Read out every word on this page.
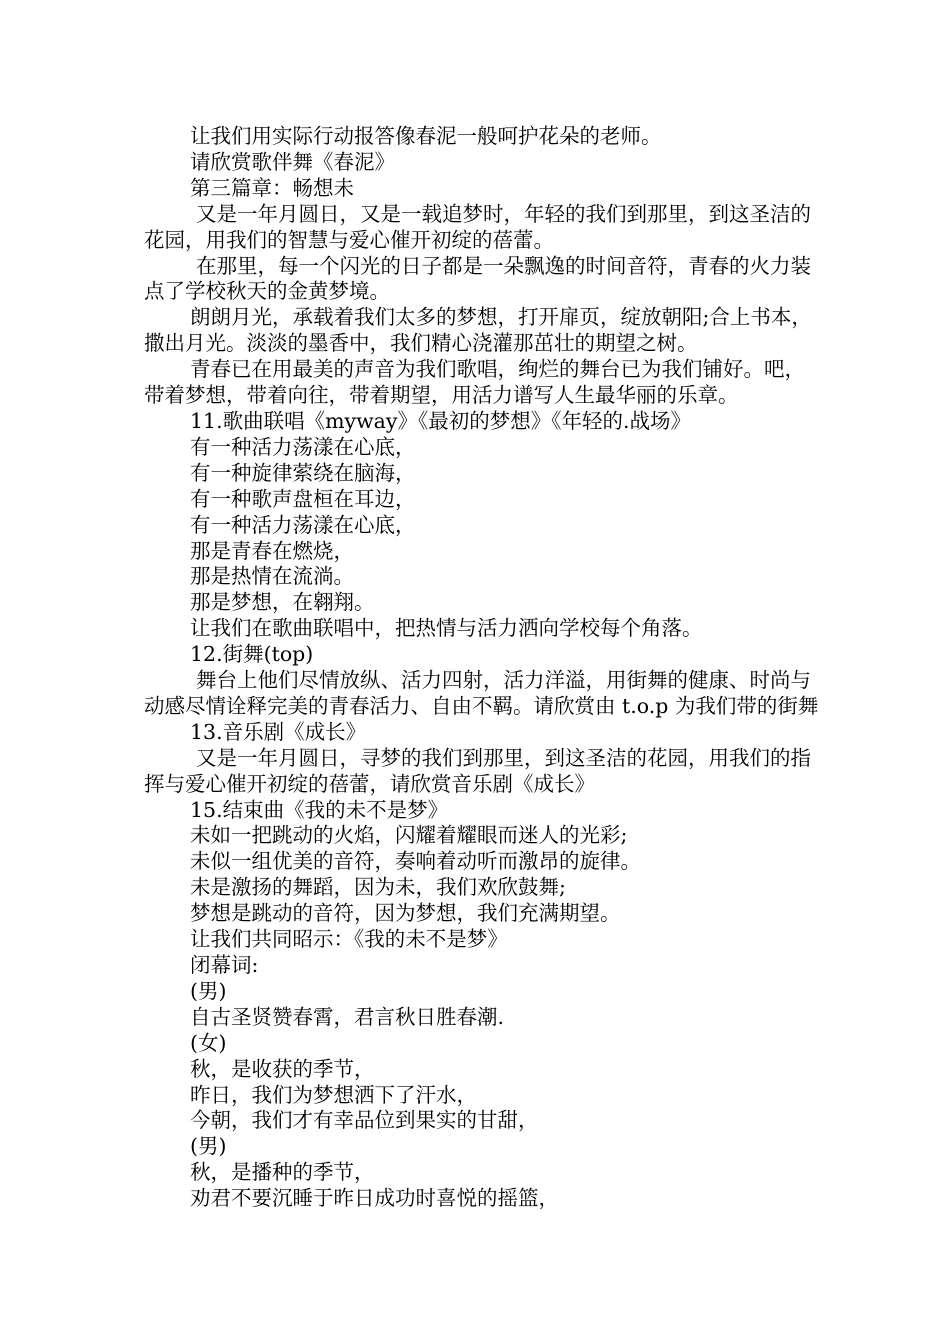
让我们用实际行动报答像春泥一般呵护花朵的老师。

请欣赏歌伴舞《春泥》

第三篇章：畅想未

又是一年月圆日，又是一载追梦时，年轻的我们到那里，到这圣洁的花园，用我们的智慧与爱心催开初绽的蓓蕾。

在那里，每一个闪光的日子都是一朵飘逸的时间音符，青春的火力装点了学校秋天的金黄梦境。

朗朗月光，承载着我们太多的梦想，打开扉页，绽放朝阳;合上书本，撒出月光。淡淡的墨香中，我们精心浇灌那茁壮的期望之树。

青春已在用最美的声音为我们歌唱，绚烂的舞台已为我们铺好。吧，带着梦想，带着向往，带着期望，用活力谱写人生最华丽的乐章。

11.歌曲联唱《myway》《最初的梦想》《年轻的.战场》

有一种活力荡漾在心底，

有一种旋律萦绕在脑海，

有一种歌声盘桓在耳边，

有一种活力荡漾在心底，

那是青春在燃烧，

那是热情在流淌。

那是梦想，在翱翔。

让我们在歌曲联唱中，把热情与活力洒向学校每个角落。

12.街舞(top)

舞台上他们尽情放纵、活力四射，活力洋溢，用街舞的健康、时尚与动感尽情诠释完美的青春活力、自由不羁。请欣赏由 t.o.p 为我们带的街舞

13.音乐剧《成长》

又是一年月圆日，寻梦的我们到那里，到这圣洁的花园，用我们的指挥与爱心催开初绽的蓓蕾，请欣赏音乐剧《成长》

15.结束曲《我的未不是梦》

未如一把跳动的火焰，闪耀着耀眼而迷人的光彩;

未似一组优美的音符，奏响着动听而激昂的旋律。

未是激扬的舞蹈，因为未，我们欢欣鼓舞;

梦想是跳动的音符，因为梦想，我们充满期望。

让我们共同昭示：《我的未不是梦》

闭幕词:

(男)

自古圣贤赞春霄，君言秋日胜春潮.

(女)

秋，是收获的季节，

昨日，我们为梦想洒下了汗水，

今朝，我们才有幸品位到果实的甘甜，

(男)

秋，是播种的季节，

劝君不要沉睡于昨日成功时喜悦的摇篮，
